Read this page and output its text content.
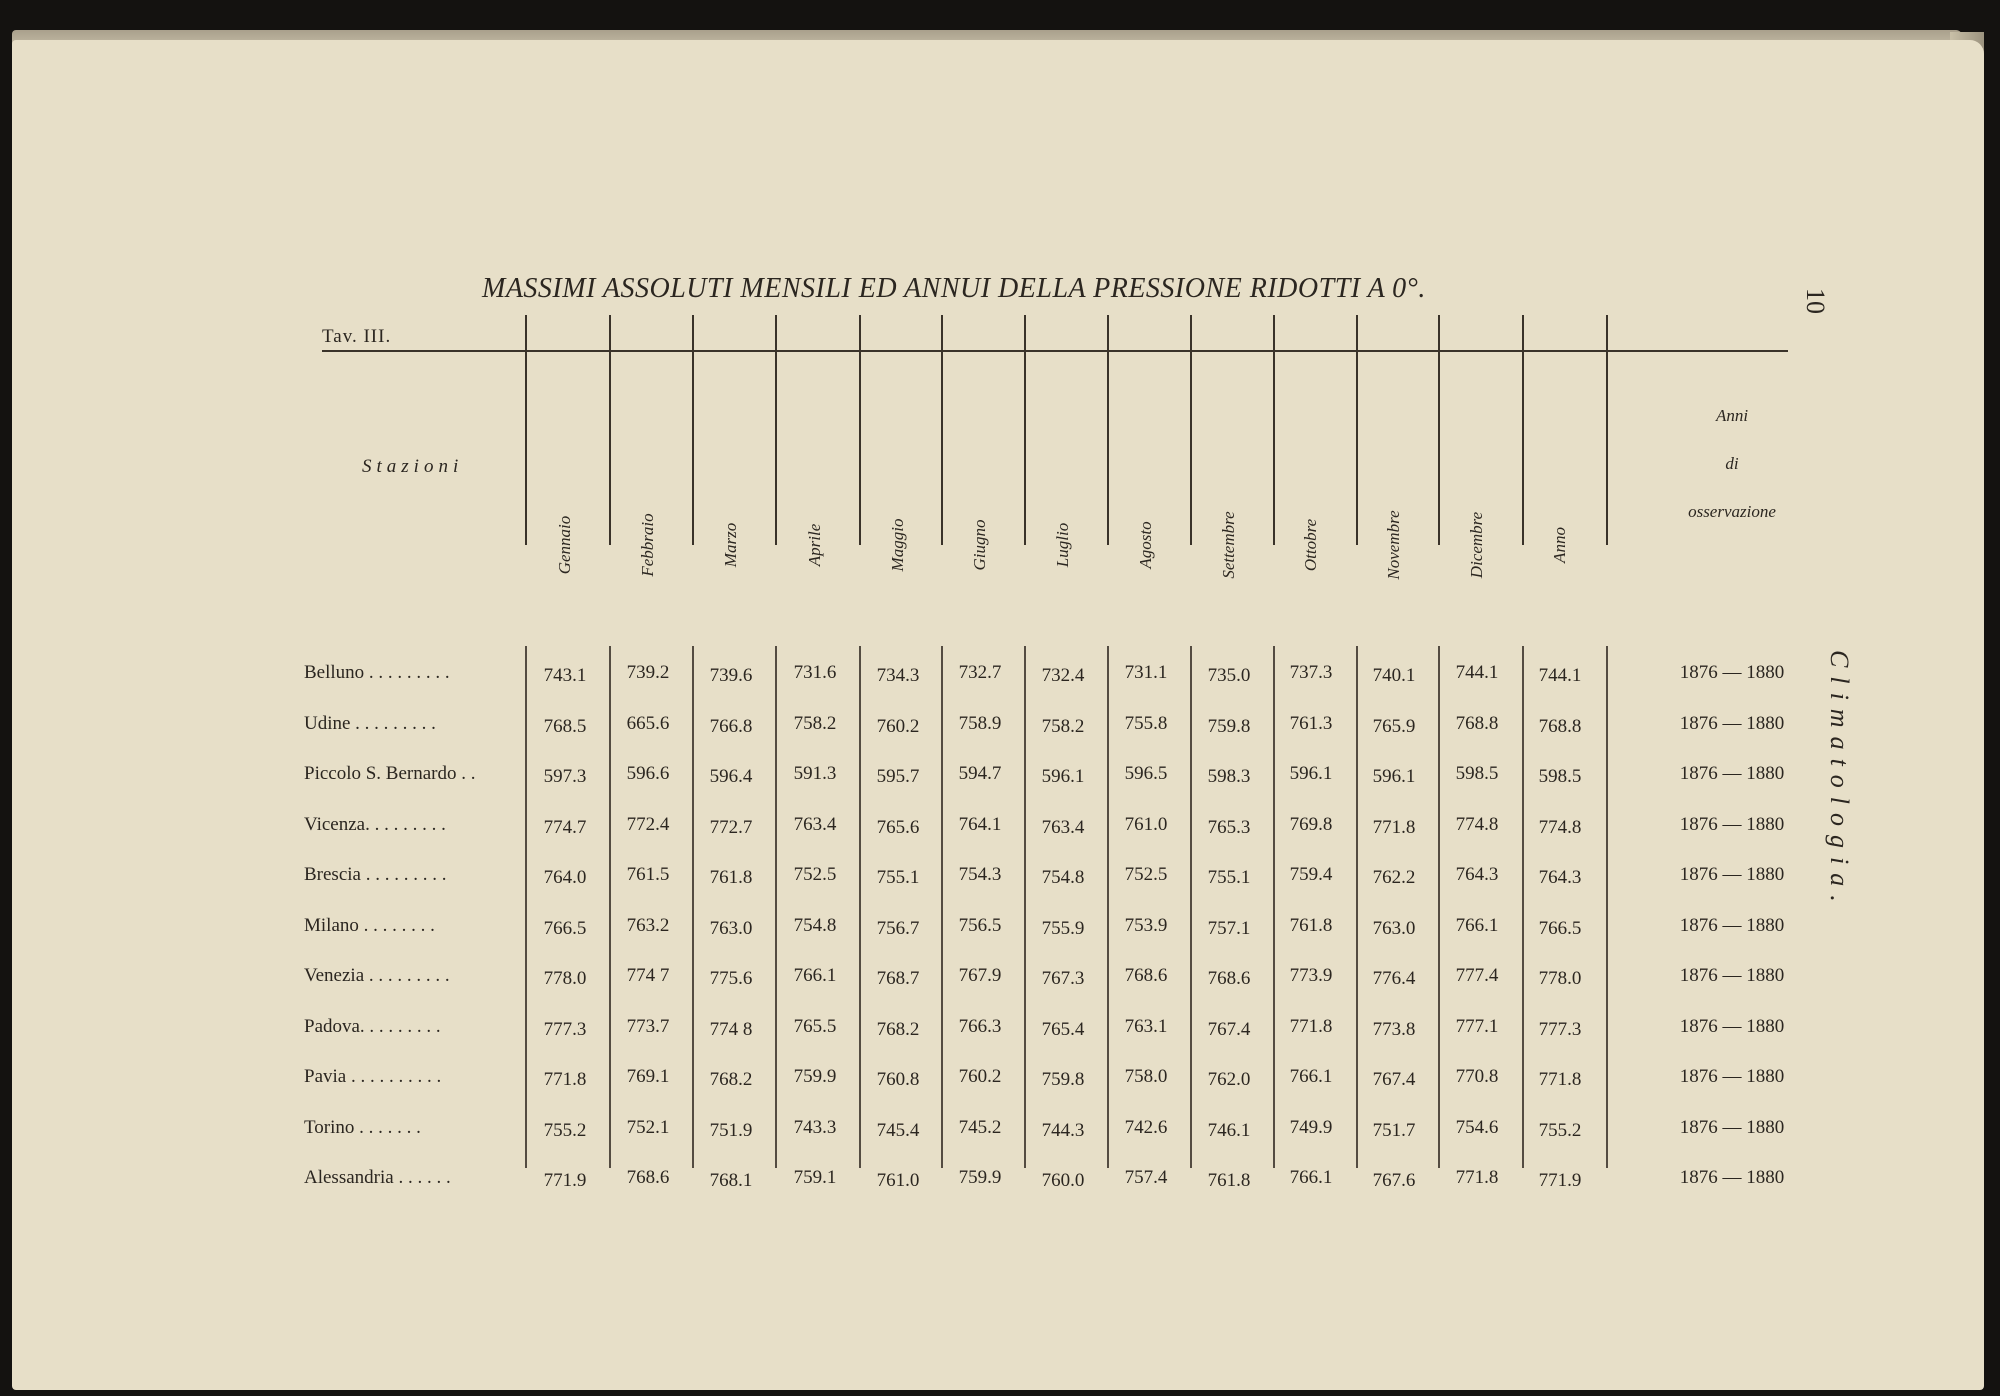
MASSIMI ASSOLUTI MENSILI ED ANNUI DELLA PRESSIONE RIDOTTI A 0°.
Tav. III.
10
Climatologia.
Stazioni
Anni
di
osservazione
Gennaio	Febbraio	Marzo	Aprile	Maggio	Giugno	Luglio	Agosto	Settembre	Ottobre	Novembre	Dicembre	Anno
Belluno . . . . . . . . .	743.1	739.2	739.6	731.6	734.3	732.7	732.4	731.1	735.0	737.3	740.1	744.1	744.1	1876 — 1880
Udine . . . . . . . . .	768.5	665.6	766.8	758.2	760.2	758.9	758.2	755.8	759.8	761.3	765.9	768.8	768.8	1876 — 1880
Piccolo S. Bernardo . .	597.3	596.6	596.4	591.3	595.7	594.7	596.1	596.5	598.3	596.1	596.1	598.5	598.5	1876 — 1880
Vicenza. . . . . . . . .	774.7	772.4	772.7	763.4	765.6	764.1	763.4	761.0	765.3	769.8	771.8	774.8	774.8	1876 — 1880
Brescia . . . . . . . . .	764.0	761.5	761.8	752.5	755.1	754.3	754.8	752.5	755.1	759.4	762.2	764.3	764.3	1876 — 1880
Milano . . . . . . . .	766.5	763.2	763.0	754.8	756.7	756.5	755.9	753.9	757.1	761.8	763.0	766.1	766.5	1876 — 1880
Venezia . . . . . . . . .	778.0	774 7	775.6	766.1	768.7	767.9	767.3	768.6	768.6	773.9	776.4	777.4	778.0	1876 — 1880
Padova. . . . . . . . .	777.3	773.7	774 8	765.5	768.2	766.3	765.4	763.1	767.4	771.8	773.8	777.1	777.3	1876 — 1880
Pavia . . . . . . . . . .	771.8	769.1	768.2	759.9	760.8	760.2	759.8	758.0	762.0	766.1	767.4	770.8	771.8	1876 — 1880
Torino . . . . . . .	755.2	752.1	751.9	743.3	745.4	745.2	744.3	742.6	746.1	749.9	751.7	754.6	755.2	1876 — 1880
Alessandria . . . . . .	771.9	768.6	768.1	759.1	761.0	759.9	760.0	757.4	761.8	766.1	767.6	771.8	771.9	1876 — 1880
